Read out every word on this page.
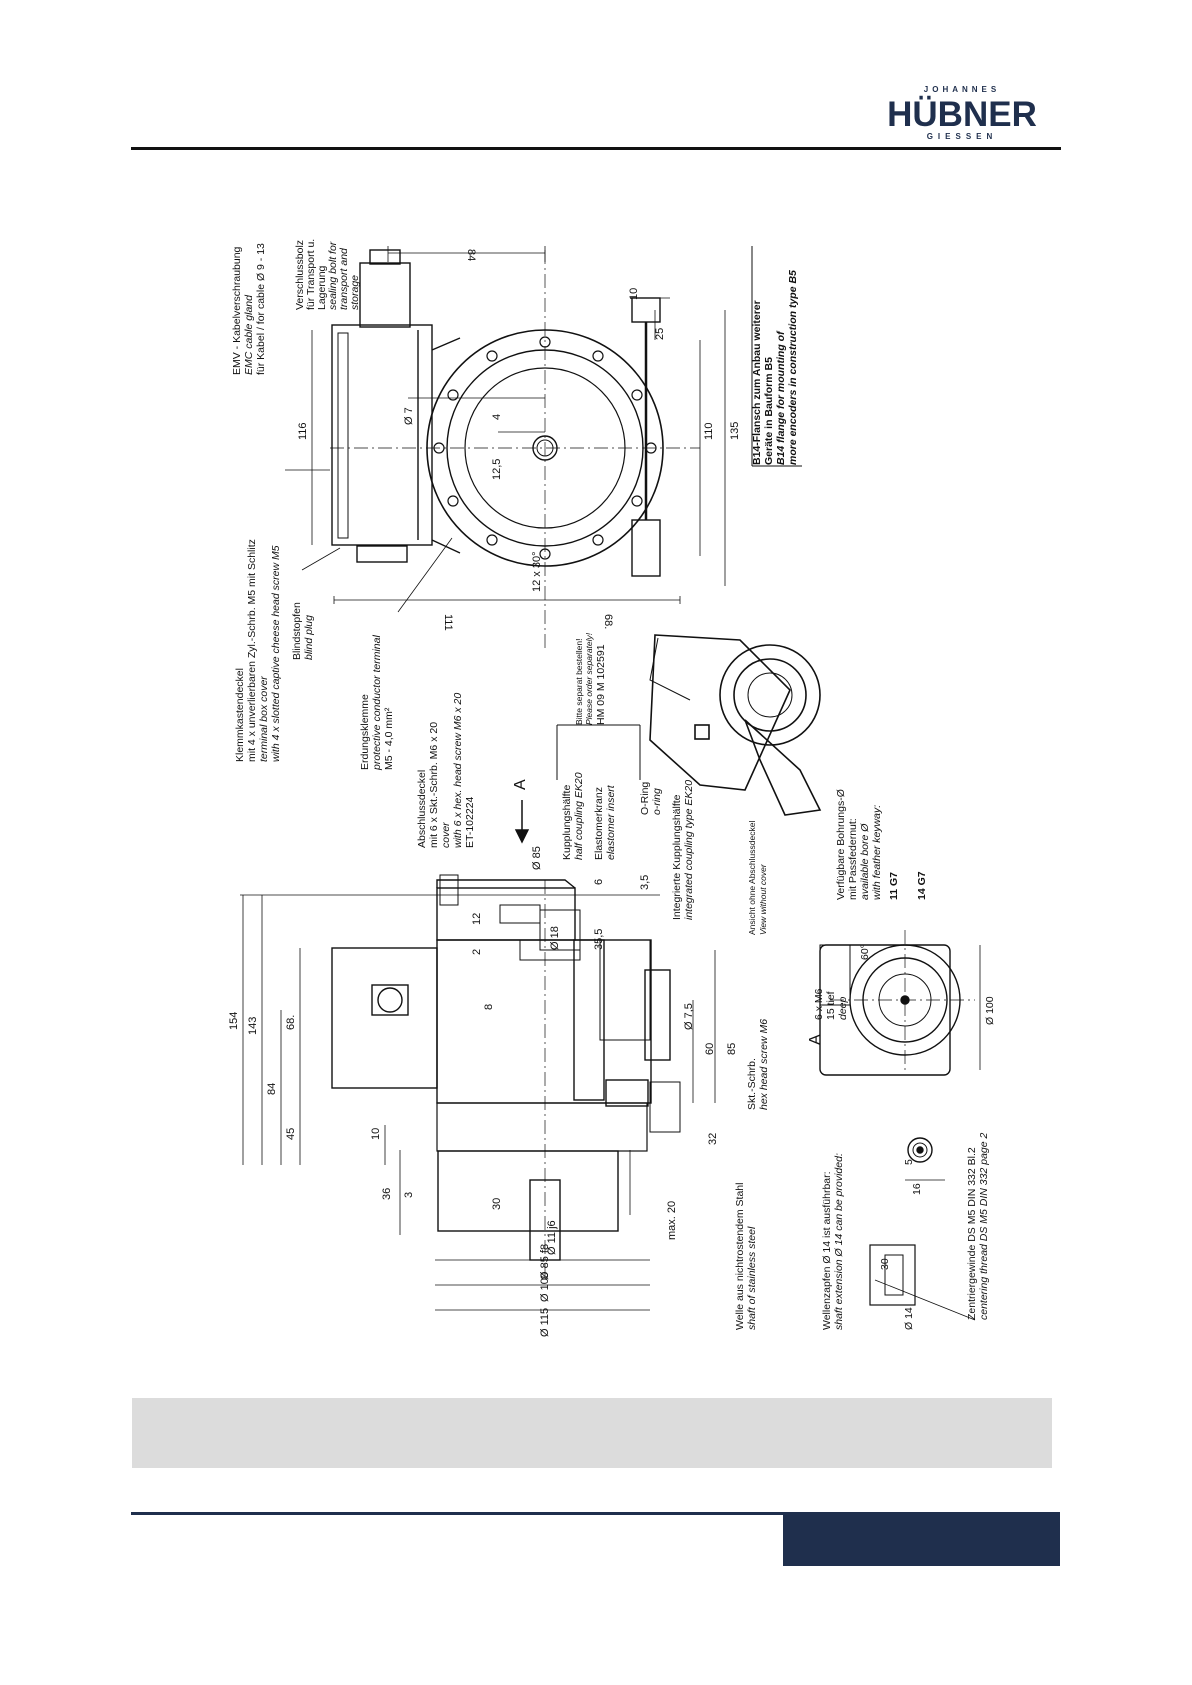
JOHANNES
HÜBNER
GIESSEN
84
116
111	68.
110 135
25
10
12,5
4
Ø 7
12 x 30°
EMV - Kabelverschraubung EMC cable gland für Kabel / for cable Ø 9 - 13	Verschlussbolz für Transport u. Lagerung sealing bolt for transport and storage
Klemmkastendeckel mit 4 x unverlierbaren Zyl.-Schrb. M5 mit Schlitz terminal box cover with 4 x slotted captive cheese head screw M5 Blindstopfen blind plug
Erdungsklemme protective conductor terminal M5 - 4,0 mm²
B14-Flansch zum Anbau weiterer Geräte in Bauform B5 B14 flange for mounting of more encoders in construction type B5
154 143
84
68.
45	10
36 3
30	max. 20
32
60 85
Ø 7,5
8
2
12
Ø 18	35,5
6	3,5
Ø 85
Ø 100
Ø 115
Ø 85 f8
Ø 11 j6
Abschlussdeckel mit 6 x Skt.-Schrb. M6 x 20 cover with 6 x hex. head screw M6 x 20 ET-102224	Kupplungshälfte half coupling EK20 Elastomerkranz elastomer insert
Bitte separat bestellen! Please order separately! HM 09 M 102591
O-Ring o-ring Integrierte Kupplungshälfte integrated coupling type EK20
Skt.-Schrb. hex head screw M6
Welle aus nichtrostendem Stahl shaft of stainless steel	Wellenzapfen Ø 14 ist ausführbar: shaft extension Ø 14 can be provided:	Zentriergewinde DS M5 DIN 332 Bl.2 centering thread DS M5 DIN 332 page 2
30
Ø 14
5
16
A
Ansicht ohne Abschlussdeckel View without cover
A
6 x M6 15 tief deep
60°
Ø 100
Verfügbare Bohrungs-Ø mit Passfedernut: available bore Ø with feather keyway: 11 G7 14 G7
